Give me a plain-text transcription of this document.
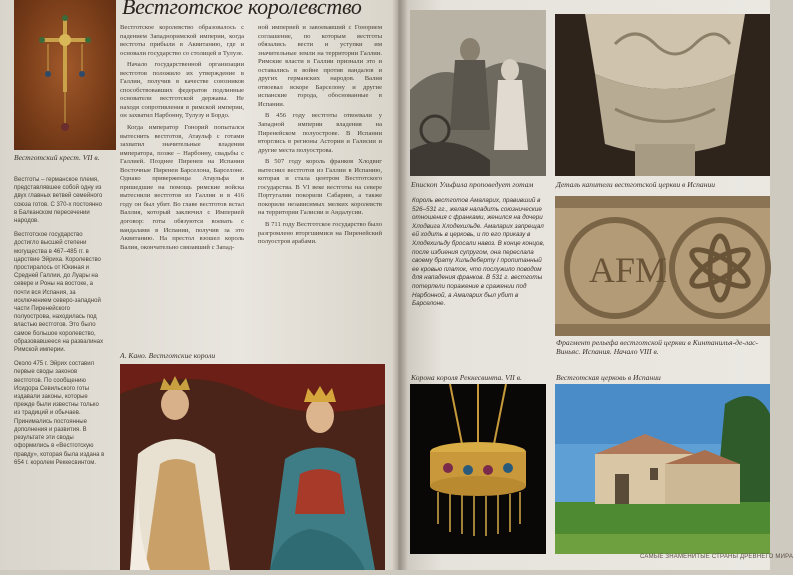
Вестготский крест. VII в.

Вестготы – германское племя, представлявшее собой одну из двух главных ветвей семейного союза готов. С 370-х постоянно в Балканском пересечении народов.

Вестготское государство достигло высшей степени могущества в 467–485 гг. в царствие Эйриха. Королевство простиралось от Юкиная и Средней Галлии, до Луары на севере и Роны на востоке, а почти вся Испания, за исключением северо-западной части Пиренейского полуострова, находилась под властью вестготов. Это было самое большое королевство, образовавшееся на развалинах Римской империи.

Около 475 г. Эйрих составил первые своды законов вестготов. По сообщению Исидора Севильского готы издавали законы, которые прежде были известны только из традиций и обычаев. Принимались постоянные дополнения и развития. В результате эти своды оформились в «Вестготскую правду», которая была издана в 654 г. королем Реккесвинтом.

Вестготское королевство

Вестготское королевство образовалось с падением Западноримской империи, когда вестготы прибыли в Аквитанию, где и основали государство со столицей в Тулузе.

Начало государственной организации вестготов положило их утверждение в Галлии, получив в качестве союзников способствовавших федератов подлинные основатели вестготской державы. Не находя сопротивления в римской империи, он захватил Нарбонну, Тулузу и Бордо.

Когда император Гонорий попытался вытеснить вестготов, Атаульф с готами захватил значительные владения императора, позже – Нарбонну, свадьбы с Галлией. Позднее Пиренеи на Испании Восточные Пиренеи Барселона, Барселоне. Однако приверженцы Атаульфа и пришедшие на помощь римские войска вытеснили вестготов из Галлии и в 416 году он был убит. Во главе вестготов встал Валлия, который заключил с Империей договор: готы обязуются воевать с вандалами в Испании, получив за это Аквитанию. На престол взошел король Валия, окончательно связавший с Запад-

ной империей и завоевавший с Гонорием соглашение, по которым вестготы обязались вести и уступки им значительные земли на территории Галлии. Римские власти в Галлии признали это и оставались в войне против вандалов и других германских народов. Валия отвоевал вскоре Барселону и другие испанские города, обоснованные в Испании.

В 456 году вестготы отвоевали у Западной империи владения на Пиренейском полуострове. В Испании вторглись в регионы Астории и Галисии и другие места полуострова.

В 507 году король франков Хлодвиг вытеснил вестготов из Галлии в Испанию, которая и стала центром Вестготского государства. В VI веке вестготы на севере Португалии покорили Сабарию, а также покорили независимых мелких королевств на территории Галисии и Андалусии.

В 711 году Вестготское государство было разгромлено вторгшимися на Пиренейский полуостров арабами.

А. Кано. Вестготские короли
Епископ Ульфила проповедует готам	Деталь капители вестготской церкви в Испании
Король вестготов Амаларих, правивший в 526–531 гг., желая наладить союзнические отношения с франками, женился на дочери Хлодвига Хлодехильде. Амаларих запрещал ей ходить в церковь, и по его приказу в Хлодехильду бросали навоз. В конце концов, после избиения супругом, она переслала своему брату Хильдеберту I пропитанный ее кровью платок, что послужило поводом для нападения франков. В 531 г. вестготы потерпели поражение в сражении под Нарбонной, а Амаларих был убит в Барселоне.
AFM
Фрагмент рельефа вестготской церкви в Кинтанилья-де-лас-Виньяс. Испания. Начало VIII в.
Корона короля Реккесвинта. VII в.	Вестготская церковь в Испании
САМЫЕ ЗНАМЕНИТЫЕ СТРАНЫ ДРЕВНЕГО МИРА
